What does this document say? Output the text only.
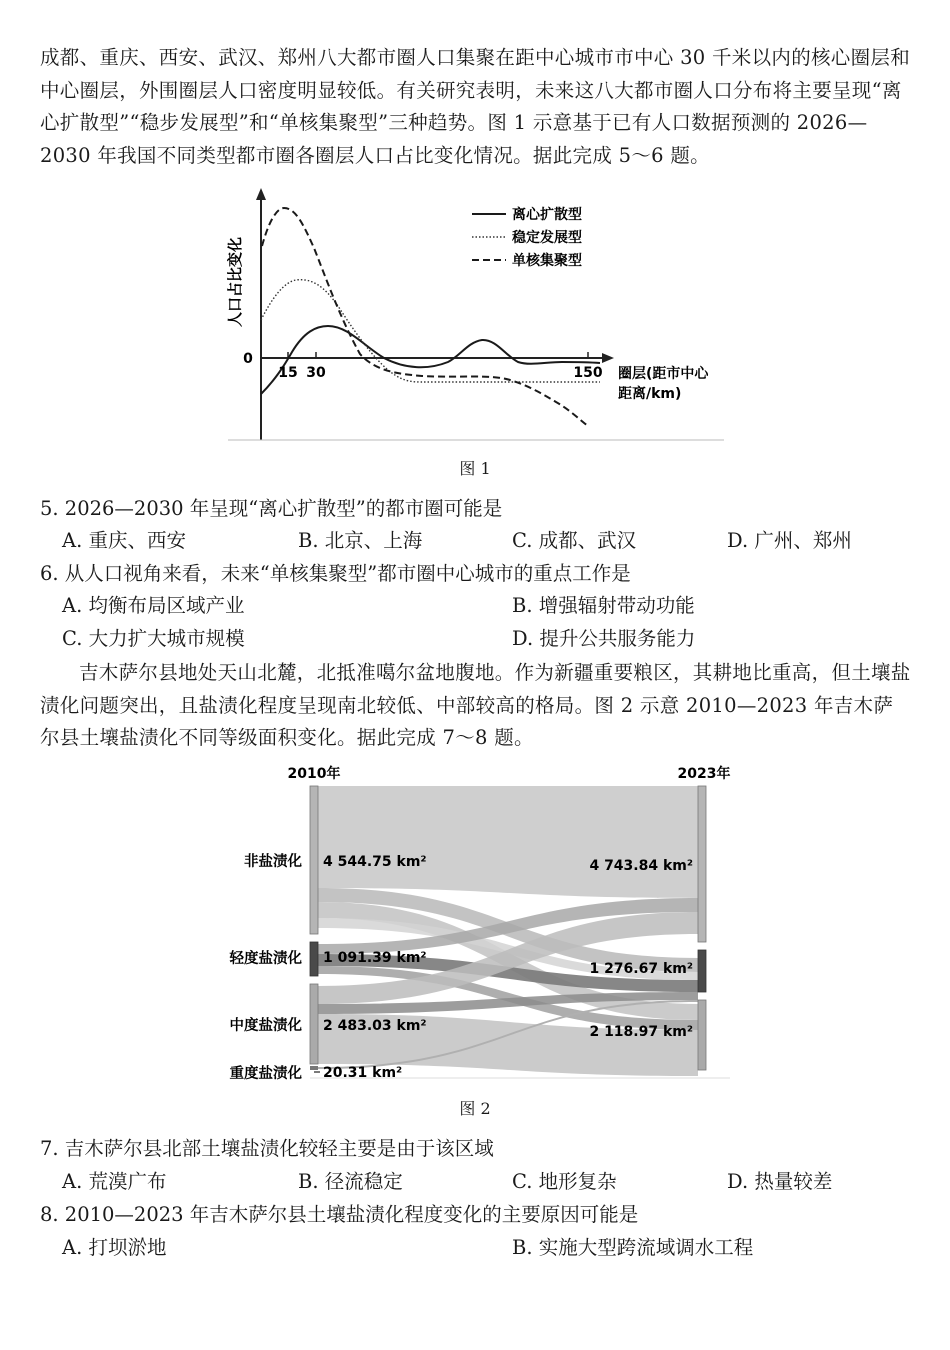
成都、重庆、西安、武汉、郑州八大都市圈人口集聚在距中心城市市中心 30 千米以内的核心圈层和中心圈层，外围圈层人口密度明显较低。有关研究表明，未来这八大都市圈人口分布将主要呈现“离心扩散型”“稳步发展型”和“单核集聚型”三种趋势。图 1 示意基于已有人口数据预测的 2026—2030 年我国不同类型都市圈各圈层人口占比变化情况。据此完成 5～6 题。

0
15 30	150
人口占比变化
圈层(距市中心
距离/km)
离心扩散型
稳定发展型
单核集聚型
图 1

5. 2026—2030 年呈现“离心扩散型”的都市圈可能是

A. 重庆、西安	B. 北京、上海	C. 成都、武汉	D. 广州、郑州

6. 从人口视角来看，未来“单核集聚型”都市圈中心城市的重点工作是

A. 均衡布局区域产业	B. 增强辐射带动功能
C. 大力扩大城市规模	D. 提升公共服务能力

吉木萨尔县地处天山北麓，北抵准噶尔盆地腹地。作为新疆重要粮区，其耕地比重高，但土壤盐渍化问题突出，且盐渍化程度呈现南北较低、中部较高的格局。图 2 示意 2010—2023 年吉木萨尔县土壤盐渍化不同等级面积变化。据此完成 7～8 题。

2010年	2023年
非盐渍化
轻度盐渍化
中度盐渍化
重度盐渍化
4 544.75 km²
1 091.39 km²
2 483.03 km²
20.31 km²
4 743.84 km²
1 276.67 km²
2 118.97 km²
图 2

7. 吉木萨尔县北部土壤盐渍化较轻主要是由于该区域

A. 荒漠广布	B. 径流稳定	C. 地形复杂	D. 热量较差

8. 2010—2023 年吉木萨尔县土壤盐渍化程度变化的主要原因可能是

A. 打坝淤地	B. 实施大型跨流域调水工程
